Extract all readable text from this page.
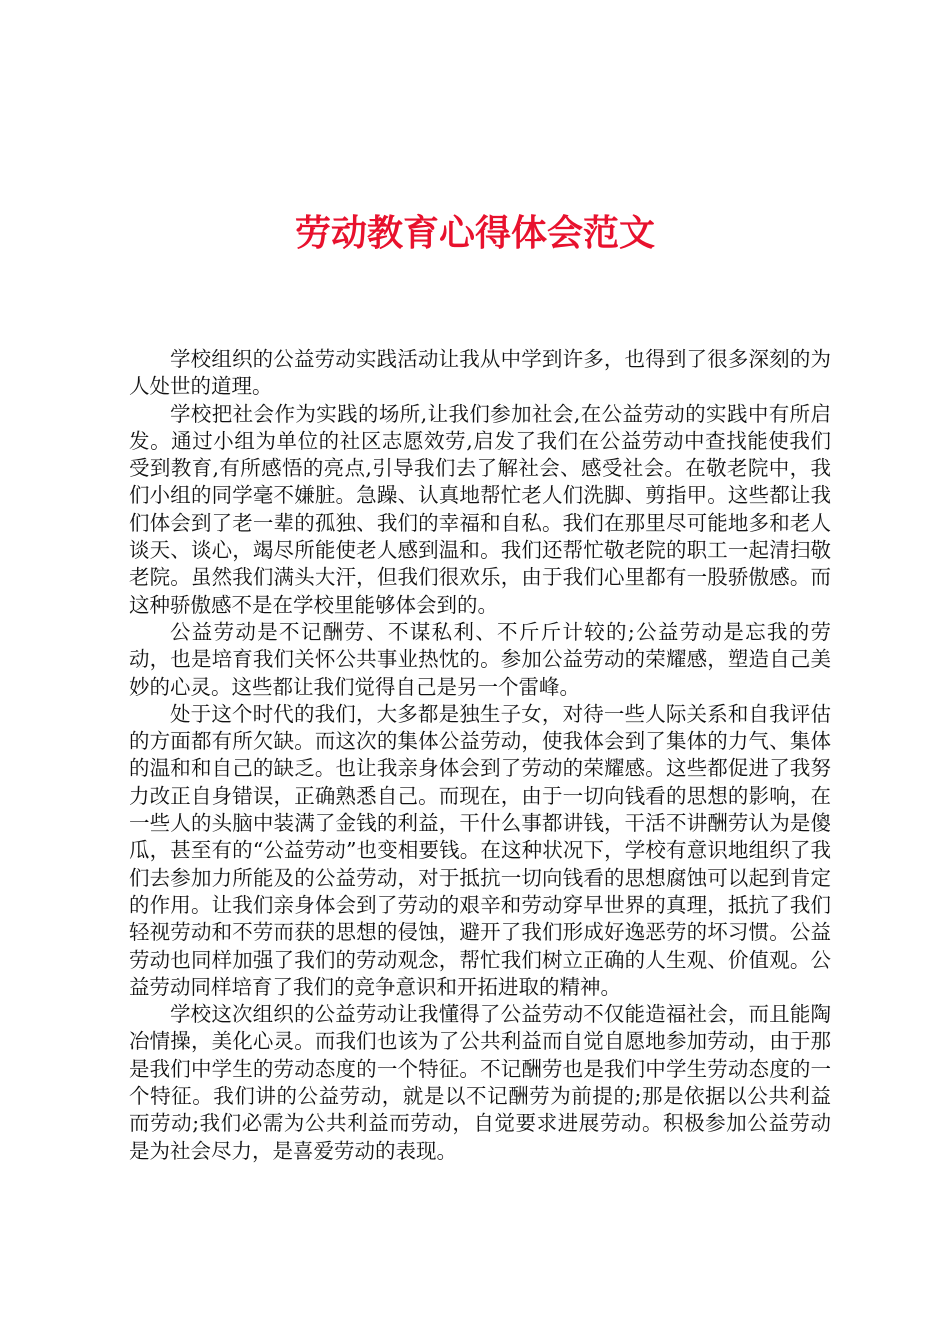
劳动教育心得体会范文

学校组织的公益劳动实践活动让我从中学到许多，也得到了很多深刻的为人处世的道理。

学校把社会作为实践的场所,让我们参加社会,在公益劳动的实践中有所启发。通过小组为单位的社区志愿效劳,启发了我们在公益劳动中查找能使我们受到教育,有所感悟的亮点,引导我们去了解社会、感受社会。在敬老院中，我们小组的同学毫不嫌脏。急躁、认真地帮忙老人们洗脚、剪指甲。这些都让我们体会到了老一辈的孤独、我们的幸福和自私。我们在那里尽可能地多和老人谈天、谈心，竭尽所能使老人感到温和。我们还帮忙敬老院的职工一起清扫敬老院。虽然我们满头大汗，但我们很欢乐，由于我们心里都有一股骄傲感。而这种骄傲感不是在学校里能够体会到的。

公益劳动是不记酬劳、不谋私利、不斤斤计较的;公益劳动是忘我的劳动，也是培育我们关怀公共事业热忱的。参加公益劳动的荣耀感，塑造自己美妙的心灵。这些都让我们觉得自己是另一个雷峰。

处于这个时代的我们，大多都是独生子女，对待一些人际关系和自我评估的方面都有所欠缺。而这次的集体公益劳动，使我体会到了集体的力气、集体的温和和自己的缺乏。也让我亲身体会到了劳动的荣耀感。这些都促进了我努力改正自身错误，正确熟悉自己。而现在，由于一切向钱看的思想的影响，在一些人的头脑中装满了金钱的利益，干什么事都讲钱，干活不讲酬劳认为是傻瓜，甚至有的“公益劳动”也变相要钱。在这种状况下，学校有意识地组织了我们去参加力所能及的公益劳动，对于抵抗一切向钱看的思想腐蚀可以起到肯定的作用。让我们亲身体会到了劳动的艰辛和劳动穿早世界的真理，抵抗了我们轻视劳动和不劳而获的思想的侵蚀，避开了我们形成好逸恶劳的坏习惯。公益劳动也同样加强了我们的劳动观念，帮忙我们树立正确的人生观、价值观。公益劳动同样培育了我们的竞争意识和开拓进取的精神。

学校这次组织的公益劳动让我懂得了公益劳动不仅能造福社会，而且能陶冶情操，美化心灵。而我们也该为了公共利益而自觉自愿地参加劳动，由于那是我们中学生的劳动态度的一个特征。不记酬劳也是我们中学生劳动态度的一个特征。我们讲的公益劳动，就是以不记酬劳为前提的;那是依据以公共利益而劳动;我们必需为公共利益而劳动，自觉要求进展劳动。积极参加公益劳动是为社会尽力，是喜爱劳动的表现。
